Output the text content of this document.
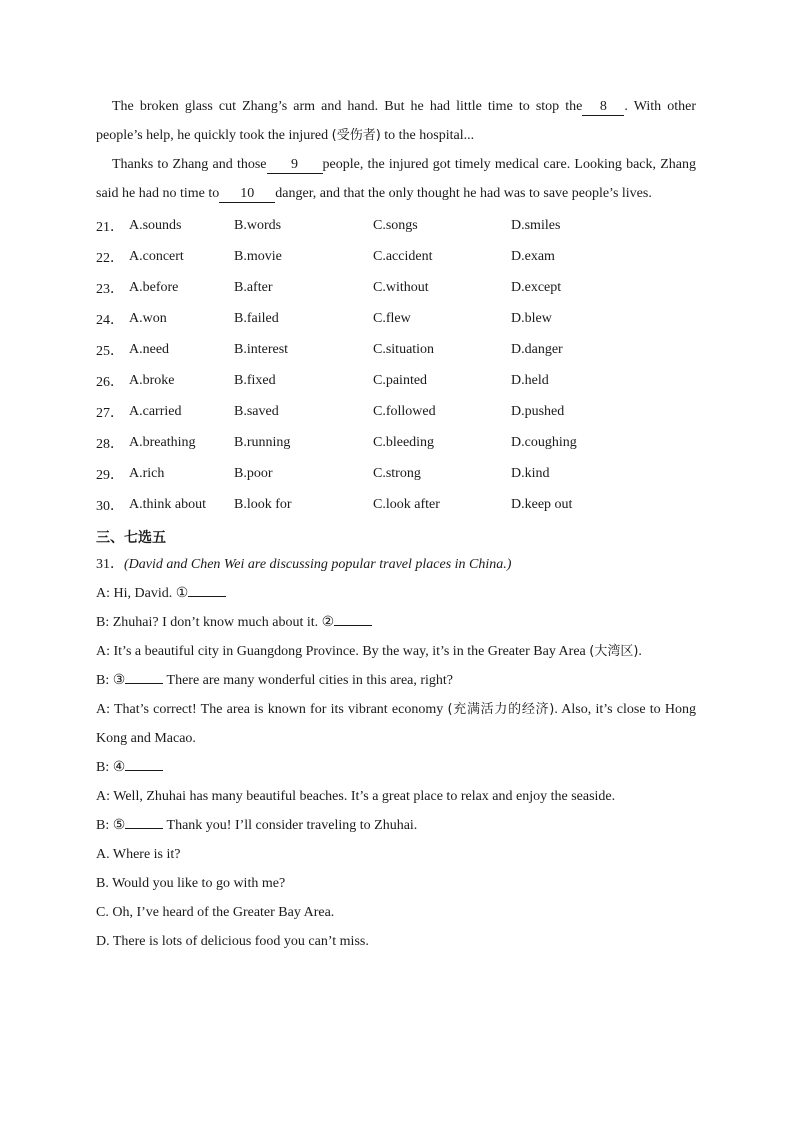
The broken glass cut Zhang’s arm and hand. But he had little time to stop the 8 . With other people’s help, he quickly took the injured (受伤者) to the hospital...

Thanks to Zhang and those 9 people, the injured got timely medical care. Looking back, Zhang said he had no time to 10 danger, and that the only thought he had was to save people’s lives.

21． A.sounds	B.words	C.songs	D.smiles
22． A.concert	B.movie	C.accident	D.exam
23． A.before	B.after	C.without	D.except
24． A.won	B.failed	C.flew	D.blew
25． A.need	B.interest	C.situation	D.danger
26． A.broke	B.fixed	C.painted	D.held
27． A.carried	B.saved	C.followed	D.pushed
28． A.breathing	B.running	C.bleeding	D.coughing
29． A.rich	B.poor	C.strong	D.kind
30． A.think about	B.look for	C.look after	D.keep out
三、七选五

31．(David and Chen Wei are discussing popular travel places in China.)

A: Hi, David. ①

B: Zhuhai? I don’t know much about it. ②

A: It’s a beautiful city in Guangdong Province. By the way, it’s in the Greater Bay Area (大湾区).

B: ③	There are many wonderful cities in this area, right?

A: That’s correct! The area is known for its vibrant economy (充满活力的经济). Also, it’s close to Hong Kong and Macao.

B: ④

A: Well, Zhuhai has many beautiful beaches. It’s a great place to relax and enjoy the seaside.

B: ⑤	Thank you! I’ll consider traveling to Zhuhai.

A. Where is it?

B. Would you like to go with me?

C. Oh, I’ve heard of the Greater Bay Area.

D. There is lots of delicious food you can’t miss.
